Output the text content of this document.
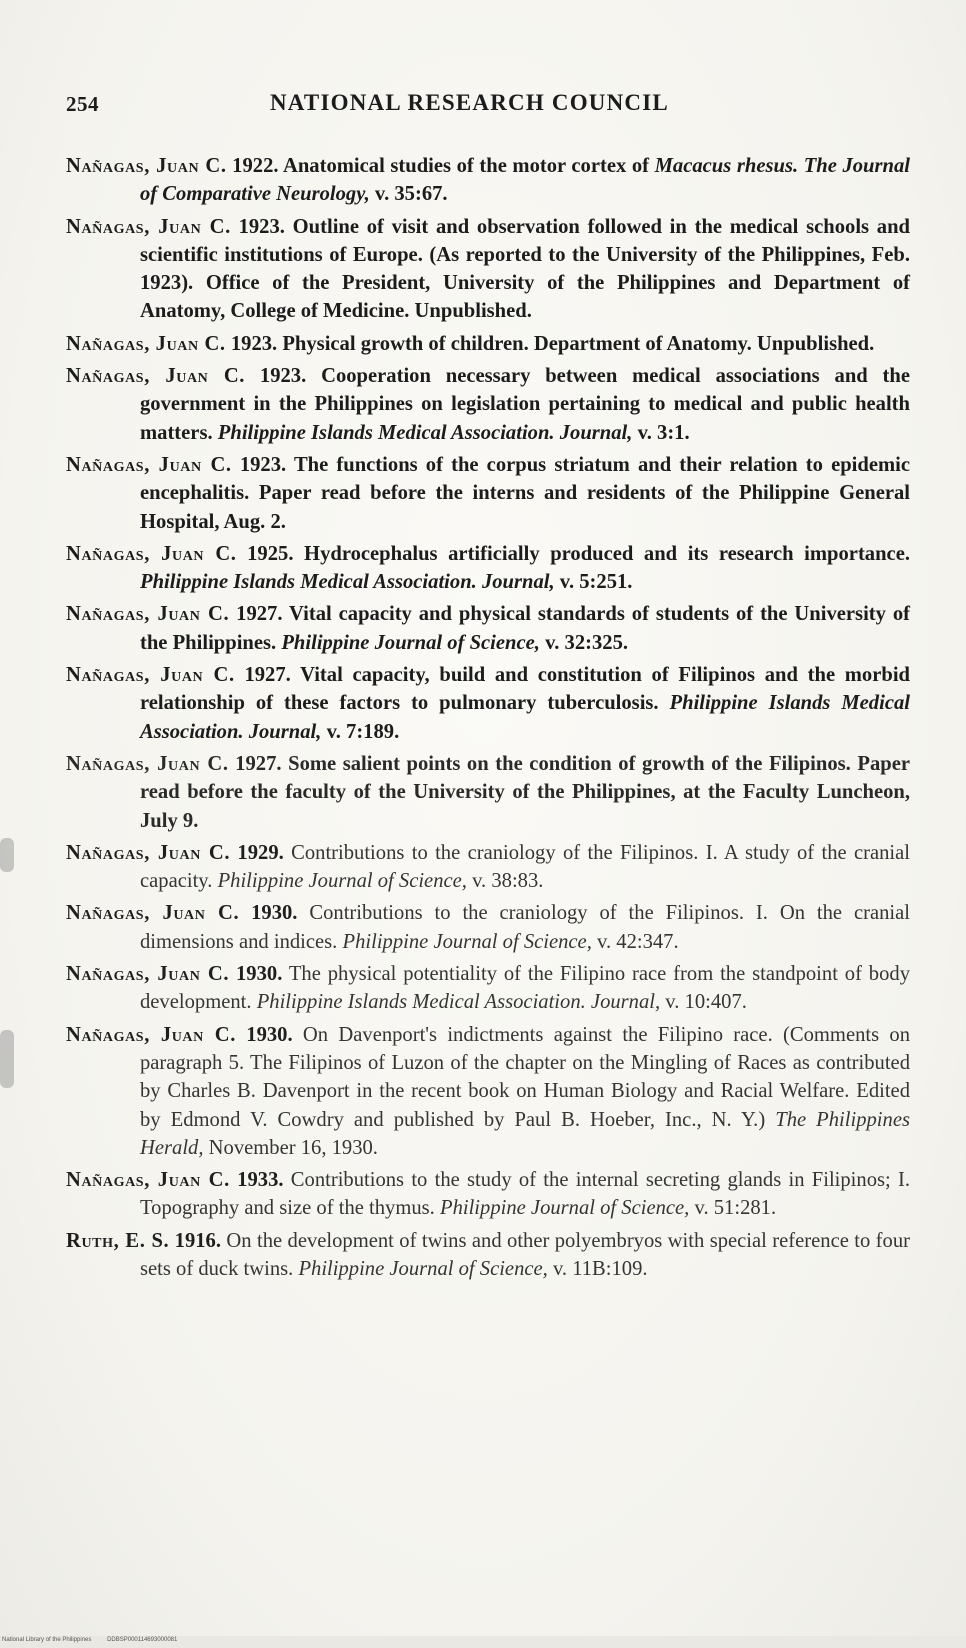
254	NATIONAL RESEARCH COUNCIL

Nañagas, Juan C. 1922. Anatomical studies of the motor cortex of Macacus rhesus. The Journal of Comparative Neurology, v. 35:67.

Nañagas, Juan C. 1923. Outline of visit and observation followed in the medical schools and scientific institutions of Europe. (As reported to the University of the Philippines, Feb. 1923). Office of the President, University of the Philippines and Department of Anatomy, College of Medicine. Unpublished.

Nañagas, Juan C. 1923. Physical growth of children. Department of Anatomy. Unpublished.

Nañagas, Juan C. 1923. Cooperation necessary between medical associations and the government in the Philippines on legislation pertaining to medical and public health matters. Philippine Islands Medical Association. Journal, v. 3:1.

Nañagas, Juan C. 1923. The functions of the corpus striatum and their relation to epidemic encephalitis. Paper read before the interns and residents of the Philippine General Hospital, Aug. 2.

Nañagas, Juan C. 1925. Hydrocephalus artificially produced and its research importance. Philippine Islands Medical Association. Journal, v. 5:251.

Nañagas, Juan C. 1927. Vital capacity and physical standards of students of the University of the Philippines. Philippine Journal of Science, v. 32:325.

Nañagas, Juan C. 1927. Vital capacity, build and constitution of Filipinos and the morbid relationship of these factors to pulmonary tuberculosis. Philippine Islands Medical Association. Journal, v. 7:189.

Nañagas, Juan C. 1927. Some salient points on the condition of growth of the Filipinos. Paper read before the faculty of the University of the Philippines, at the Faculty Luncheon, July 9.

Nañagas, Juan C. 1929. Contributions to the craniology of the Filipinos. I. A study of the cranial capacity. Philippine Journal of Science, v. 38:83.

Nañagas, Juan C. 1930. Contributions to the craniology of the Filipinos. I. On the cranial dimensions and indices. Philippine Journal of Science, v. 42:347.

Nañagas, Juan C. 1930. The physical potentiality of the Filipino race from the standpoint of body development. Philippine Islands Medical Association. Journal, v. 10:407.

Nañagas, Juan C. 1930. On Davenport's indictments against the Filipino race. (Comments on paragraph 5. The Filipinos of Luzon of the chapter on the Mingling of Races as contributed by Charles B. Davenport in the recent book on Human Biology and Racial Welfare. Edited by Edmond V. Cowdry and published by Paul B. Hoeber, Inc., N. Y.) The Philippines Herald, November 16, 1930.

Nañagas, Juan C. 1933. Contributions to the study of the internal secreting glands in Filipinos; I. Topography and size of the thymus. Philippine Journal of Science, v. 51:281.

Ruth, E. S. 1916. On the development of twins and other polyembryos with special reference to four sets of duck twins. Philippine Journal of Science, v. 11B:109.

National Library of the Philippines	DDBSP000114693000081
